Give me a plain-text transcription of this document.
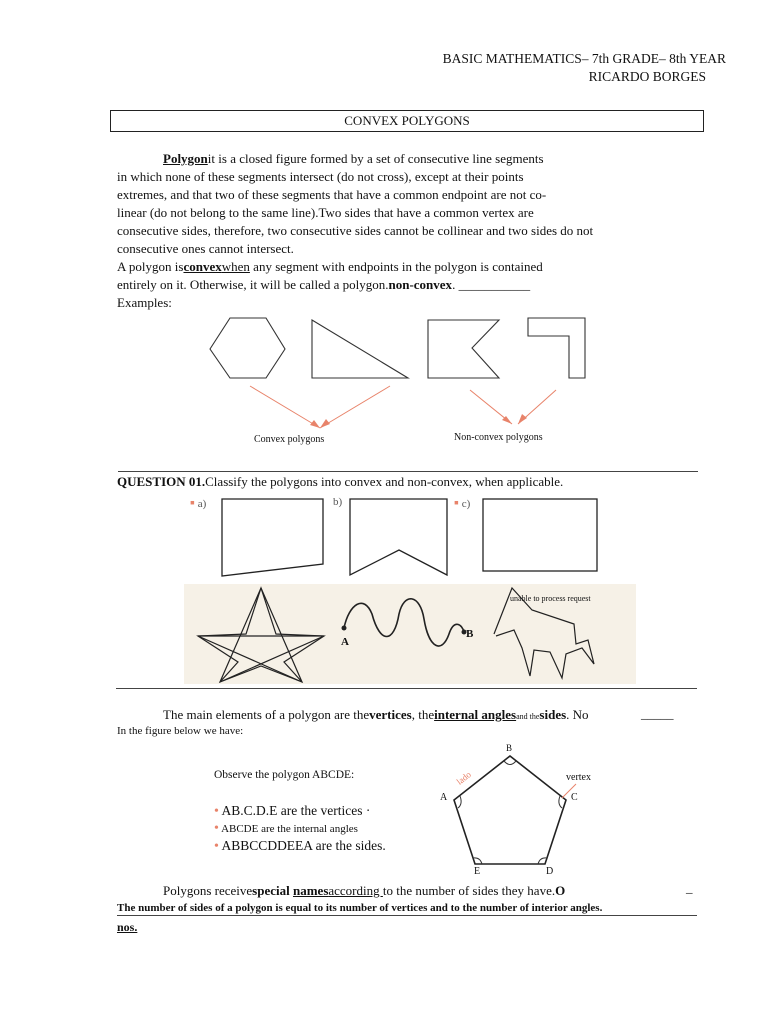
BASIC MATHEMATICS– 7th GRADE– 8th YEAR
RICARDO BORGES
CONVEX POLYGONS
Polygonit is a closed figure formed by a set of consecutive line segments
in which none of these segments intersect (do not cross), except at their points
extremes, and that two of these segments that have a common endpoint are not co-
linear (do not belong to the same line).Two sides that have a common vertex are
consecutive sides, therefore, two consecutive sides cannot be collinear and two sides do not
consecutive ones cannot intersect.
A polygon isconvexwhen any segment with endpoints in the polygon is contained
entirely on it. Otherwise, it will be called a polygon.non-convex. ___________
Examples:
Convex polygons	Non-convex polygons
QUESTION 01.Classify the polygons into convex and non-convex, when applicable.
▪ a)	b)	▪ c)
A
B
unable to process request
The main elements of a polygon are thevertices, theinternal anglesand thesides. No	_____
In the figure below we have:
Observe the polygon ABCDE:
• AB.C.D.E are the vertices ·
• ABCDE are the internal angles
• ABBCCDDEEA are the sides.
B
A	C
D
E
vertex
lado
Polygons receivespecial namesaccording to the number of sides they have.O	_
The number of sides of a polygon is equal to its number of vertices and to the number of interior angles.
nos.
